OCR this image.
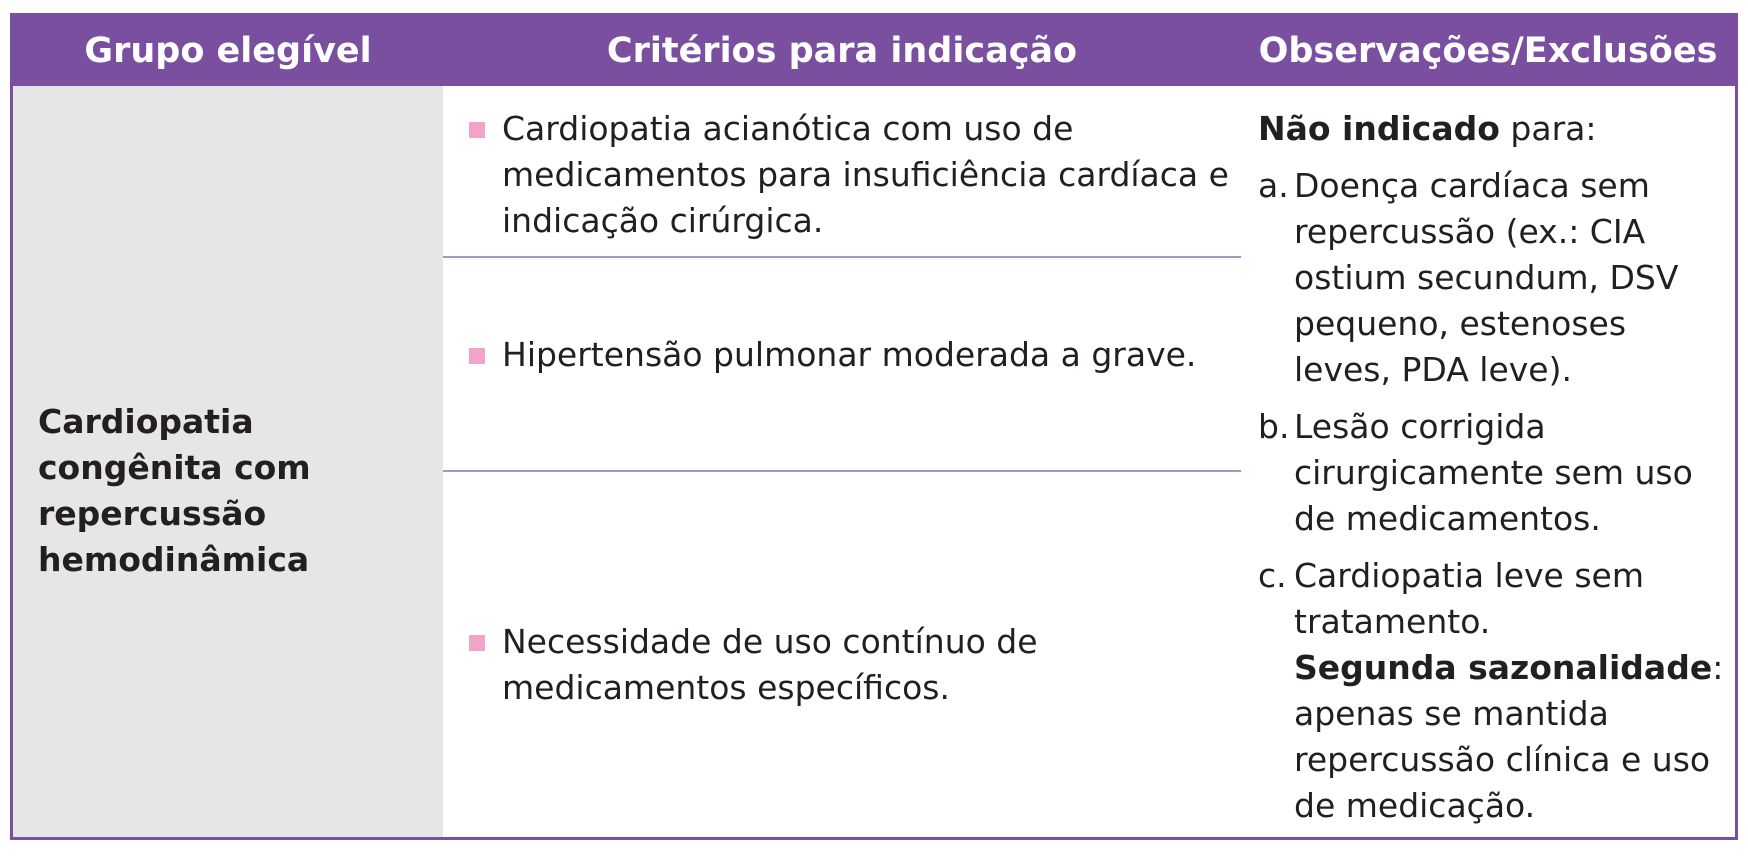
Grupo elegível	Critérios para indicação	Observações/Exclusões
Cardiopatia congênita com repercussão hemodinâmica
Cardiopatia acianótica com uso de medicamentos para insuficiência cardíaca e indicação cirúrgica.
Hipertensão pulmonar moderada a grave.
Necessidade de uso contínuo de medicamentos específicos.
Não indicado para:
a. Doença cardíaca sem repercussão (ex.: CIA ostium secundum, DSV pequeno, estenoses leves, PDA leve).
b. Lesão corrigida cirurgicamente sem uso de medicamentos.
c. Cardiopatia leve sem tratamento.
Segunda sazonalidade: apenas se mantida repercussão clínica e uso de medicação.
